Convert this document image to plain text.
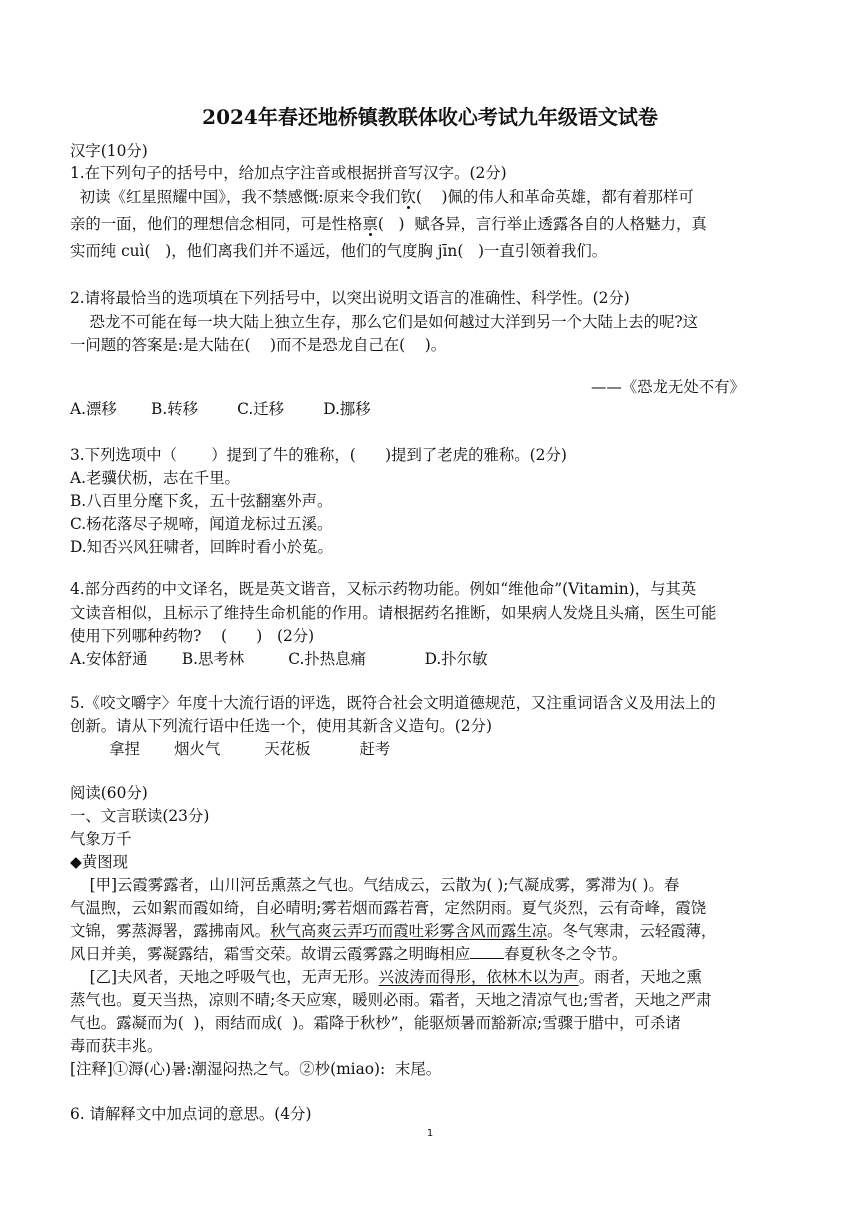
2024年春还地桥镇教联体收心考试九年级语文试卷
汉字(10分)
1.在下列句子的括号中，给加点字注音或根据拼音写汉字。(2分)
初读《红星照耀中国》，我不禁感慨:原来令我们钦(    )佩的伟人和革命英雄，都有着那样可
亲的一面，他们的理想信念相同，可是性格禀(   )  赋各异，言行举止透露各自的人格魅力，真
实而纯 cuì(   )，他们离我们并不遥远，他们的气度胸 jīn(   )一直引领着我们。
2.请将最恰当的选项填在下列括号中，以突出说明文语言的准确性、科学性。(2分)
恐龙不可能在每一块大陆上独立生存，那么它们是如何越过大洋到另一个大陆上去的呢?这
一问题的答案是:是大陆在(    )而不是恐龙自己在(    )。
——《恐龙无处不有》
A.漂移       B.转移        C.迁移        D.挪移
3.下列选项中（       ）提到了牛的雅称，(      )提到了老虎的雅称。(2分)
A.老骥伏枥，志在千里。
B.八百里分麾下炙，五十弦翻塞外声。
C.杨花落尽子规啼，闻道龙标过五溪。
D.知否兴风狂啸者，回眸时看小於菟。
4.部分西药的中文译名，既是英文谐音，又标示药物功能。例如“维他命”(Vitamin)，与其英
文读音相似，且标示了维持生命机能的作用。请根据药名推断，如果病人发烧且头痛，医生可能
使用下列哪种药物?    (      )   (2分)
A.安体舒通       B.思考林         C.扑热息痛            D.扑尔敏
5.《咬文嚼字〉年度十大流行语的评选，既符合社会文明道德规范，又注重词语含义及用法上的
创新。请从下列流行语中任选一个，使用其新含义造句。(2分)
拿捏       烟火气         天花板          赶考
阅读(60分)
一、文言联读(23分)
气象万千
◆黄图现
[甲]云霞雾露者，山川河岳熏蒸之气也。气结成云，云散为( );气凝成雾，雾滞为( )。春
气温煦，云如絮而霞如绮，自必晴明;雾若烟而露若膏，定然阴雨。夏气炎烈，云有奇峰，霞饶
文锦，雾蒸溽署，露拂南风。秋气高爽云弄巧而霞吐彩雾含风而露生凉。冬气寒肃，云轻霞薄，
风日并美，雾凝露结，霜雪交荣。故谓云霞雾露之明晦相应 春夏秋冬之令节。
[乙]夫风者，天地之呼吸气也，无声无形。兴波涛而得形，依林木以为声。雨者，天地之熏
蒸气也。夏天当热，凉则不晴;冬天应寒，暖则必雨。霜者，天地之清凉气也;雪者，天地之严肃
气也。露凝而为(  )，雨结而成(  )。霜降于秋杪”，能驱烦暑而豁新凉;雪骤于腊中，可杀诸
毒而获丰兆。
[注释]①溽(心)暑:潮湿闷热之气。②杪(miao):  末尾。
6. 请解释文中加点词的意思。(4分)
1
